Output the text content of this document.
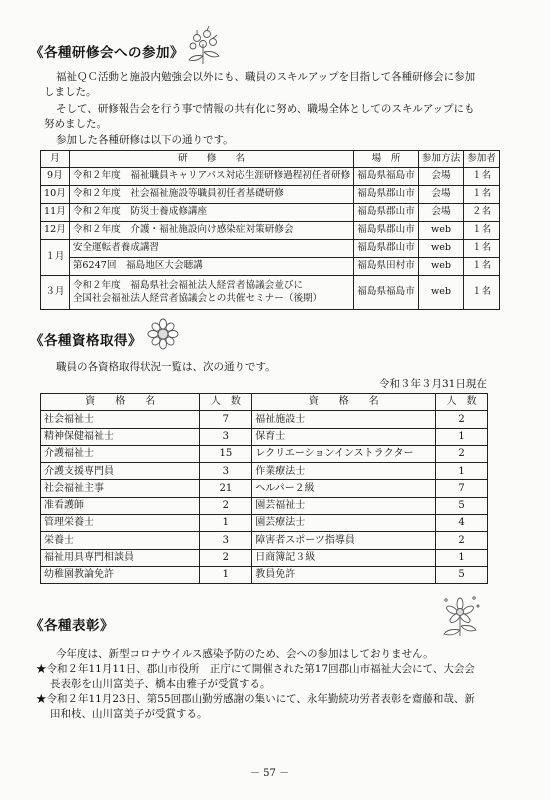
《各種研修会への参加》
福祉ＱＣ活動と施設内勉強会以外にも、職員のスキルアップを目指して各種研修会に参加
しました。
そして、研修報告会を行う事で情報の共有化に努め、職場全体としてのスキルアップにも
努めました。
参加した各種研修は以下の通りです。
月	研　　修　　名	場　所	参加方法	参加者
9月	令和２年度　福祉職員キャリアパス対応生涯研修過程初任者研修	福島県福島市	会場	１名
10月	令和２年度　社会福祉施設等職員初任者基礎研修	福島県郡山市	会場	１名
11月	令和２年度　防災士養成修講座	福島県郡山市	会場	２名
12月	令和２年度　介護・福祉施設向け感染症対策研修会	福島県郡山市	web	１名
１月	安全運転者養成講習	福島県郡山市	web	１名
	第6247回　福島地区大会聴講	福島県田村市	web	１名
３月	令和２年度　福島県社会福祉法人経営者協議会並びに
全国社会福祉法人経営者協議会との共催セミナー（後期）	福島県福島市	web	１名
《各種資格取得》
職員の各資格取得状況一覧は、次の通りです。
令和３年３月31日現在
資　　格　　名	人　数	資　　格　　名	人　数
社会福祉士	7	福祉施設士	2
精神保健福祉士	3	保育士	1
介護福祉士	15	レクリエーションインストラクター	2
介護支援専門員	3	作業療法士	1
社会福祉主事	21	ヘルパー２級	7
准看護師	2	園芸福祉士	5
管理栄養士	1	園芸療法士	4
栄養士	3	障害者スポーツ指導員	2
福祉用具専門相談員	2	日商簿記３級	1
幼稚園教論免許	1	教員免許	5
《各種表彰》
今年度は、新型コロナウイルス感染予防のため、会への参加はしておりません。
★令和２年11月11日、郡山市役所　正庁にて開催された第17回郡山市福祉大会にて、大会会
長表彰を山川富美子、橋本由雅子が受賞する。
★令和２年11月23日、第55回郡山勤労感謝の集いにて、永年勤続功労者表彰を齋藤和哉、新
田和枝、山川富美子が受賞する。
－ 57 －
